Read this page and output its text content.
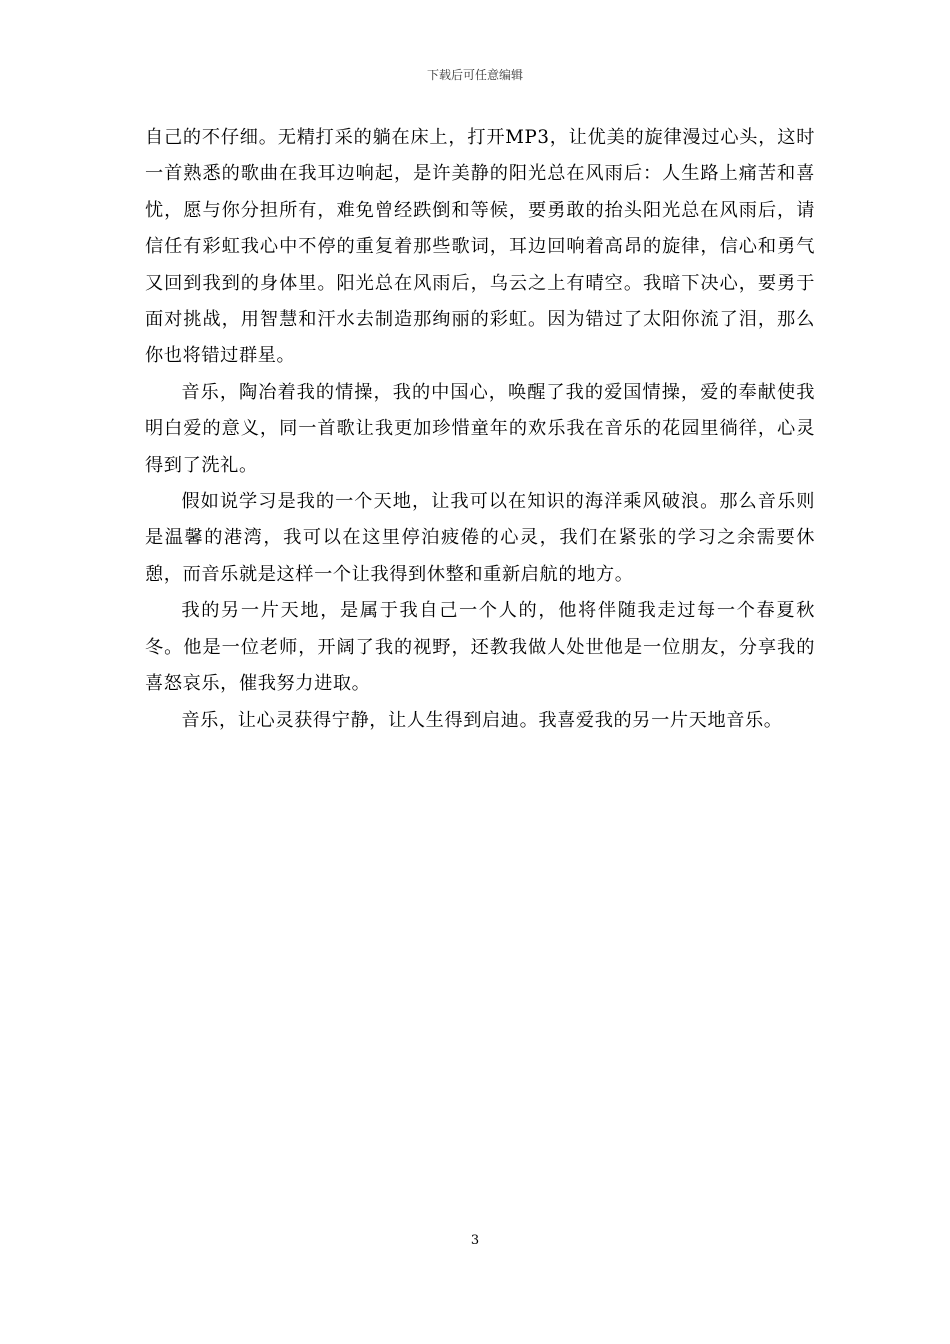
下载后可任意编辑

自己的不仔细。无精打采的躺在床上，打开MP3，让优美的旋律漫过心头，这时一首熟悉的歌曲在我耳边响起，是许美静的阳光总在风雨后：人生路上痛苦和喜忧，愿与你分担所有，难免曾经跌倒和等候，要勇敢的抬头阳光总在风雨后，请信任有彩虹我心中不停的重复着那些歌词，耳边回响着高昂的旋律，信心和勇气又回到我到的身体里。阳光总在风雨后，乌云之上有晴空。我暗下决心，要勇于面对挑战，用智慧和汗水去制造那绚丽的彩虹。因为错过了太阳你流了泪，那么你也将错过群星。

音乐，陶冶着我的情操，我的中国心，唤醒了我的爱国情操，爱的奉献使我明白爱的意义，同一首歌让我更加珍惜童年的欢乐我在音乐的花园里徜徉，心灵得到了洗礼。

假如说学习是我的一个天地，让我可以在知识的海洋乘风破浪。那么音乐则是温馨的港湾，我可以在这里停泊疲倦的心灵，我们在紧张的学习之余需要休憩，而音乐就是这样一个让我得到休整和重新启航的地方。

我的另一片天地，是属于我自己一个人的，他将伴随我走过每一个春夏秋冬。他是一位老师，开阔了我的视野，还教我做人处世他是一位朋友，分享我的喜怒哀乐，催我努力进取。

音乐，让心灵获得宁静，让人生得到启迪。我喜爱我的另一片天地音乐。

3
